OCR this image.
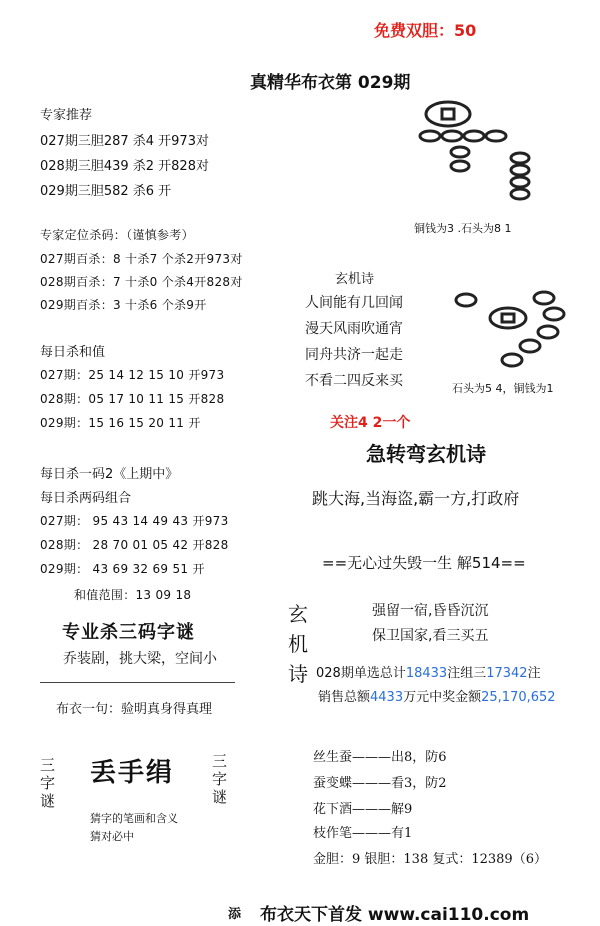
免费双胆：50
真精华布衣第 029期
专家推荐
027期三胆287 杀4 开973对
028期三胆439 杀2 开828对
029期三胆582 杀6 开
专家定位杀码：（谨慎参考）
027期百杀：8 十杀7 个杀2开973对
028期百杀：7 十杀0 个杀4开828对
029期百杀：3 十杀6 个杀9开
每日杀和值
027期：25 14 12 15 10 开973
028期：05 17 10 11 15 开828
029期：15 16 15 20 11 开
每日杀一码2《上期中》
每日杀两码组合
027期： 95 43 14 49 43 开973
028期： 28 70 01 05 42 开828
029期： 43 69 32 69 51 开
和值范围：13 09 18
专业杀三码字谜
乔装剧，挑大梁，空间小
布衣一句：验明真身得真理
三字谜
丢手绢	三字谜
猜字的笔画和含义
猜对必中
铜钱为3 .石头为8 1
玄机诗
人间能有几回闻
漫天风雨吹通宵
同舟共济一起走
不看二四反来买	石头为5 4，铜钱为1
关注4 2一个
急转弯玄机诗
跳大海,当海盗,霸一方,打政府
==无心过失毁一生 解514==
玄
机
诗
强留一宿,昏昏沉沉
保卫国家,看三买五
028期单选总计18433注组三17342注
销售总额4433万元中奖金额25,170,652
丝生蚕———出8，防6
蚕变蝶———看3，防2
花下酒———解9
枝作笔———有1
金胆：9 银胆：138 复式：12389（6）
添 布衣天下首发 www.cai110.com
